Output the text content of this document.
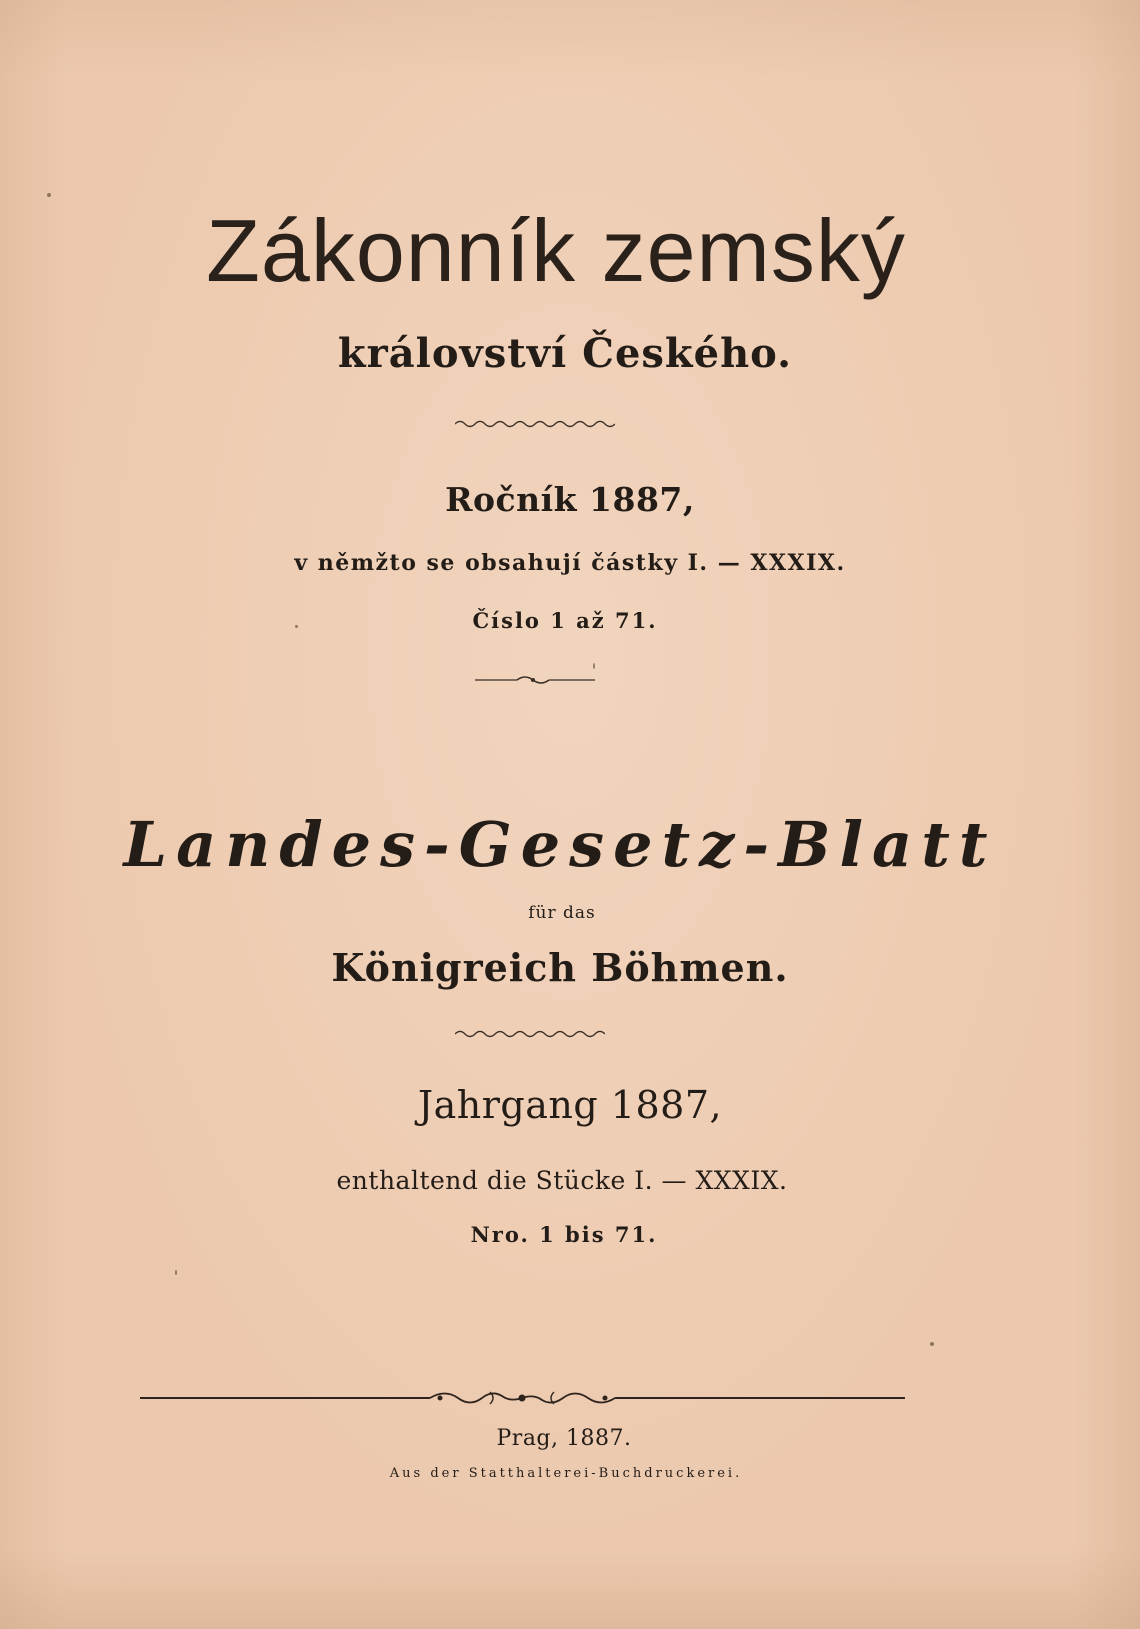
Zákonník zemský
království Českého.
Ročník 1887,
v němžto se obsahují částky I. — XXXIX.
Číslo 1 až 71.
Landes-Gesetz-Blatt
für das
Königreich Böhmen.
Jahrgang 1887,
enthaltend die Stücke I. — XXXIX.
Nro. 1 bis 71.
Prag, 1887.
Aus der Statthalterei-Buchdruckerei.
